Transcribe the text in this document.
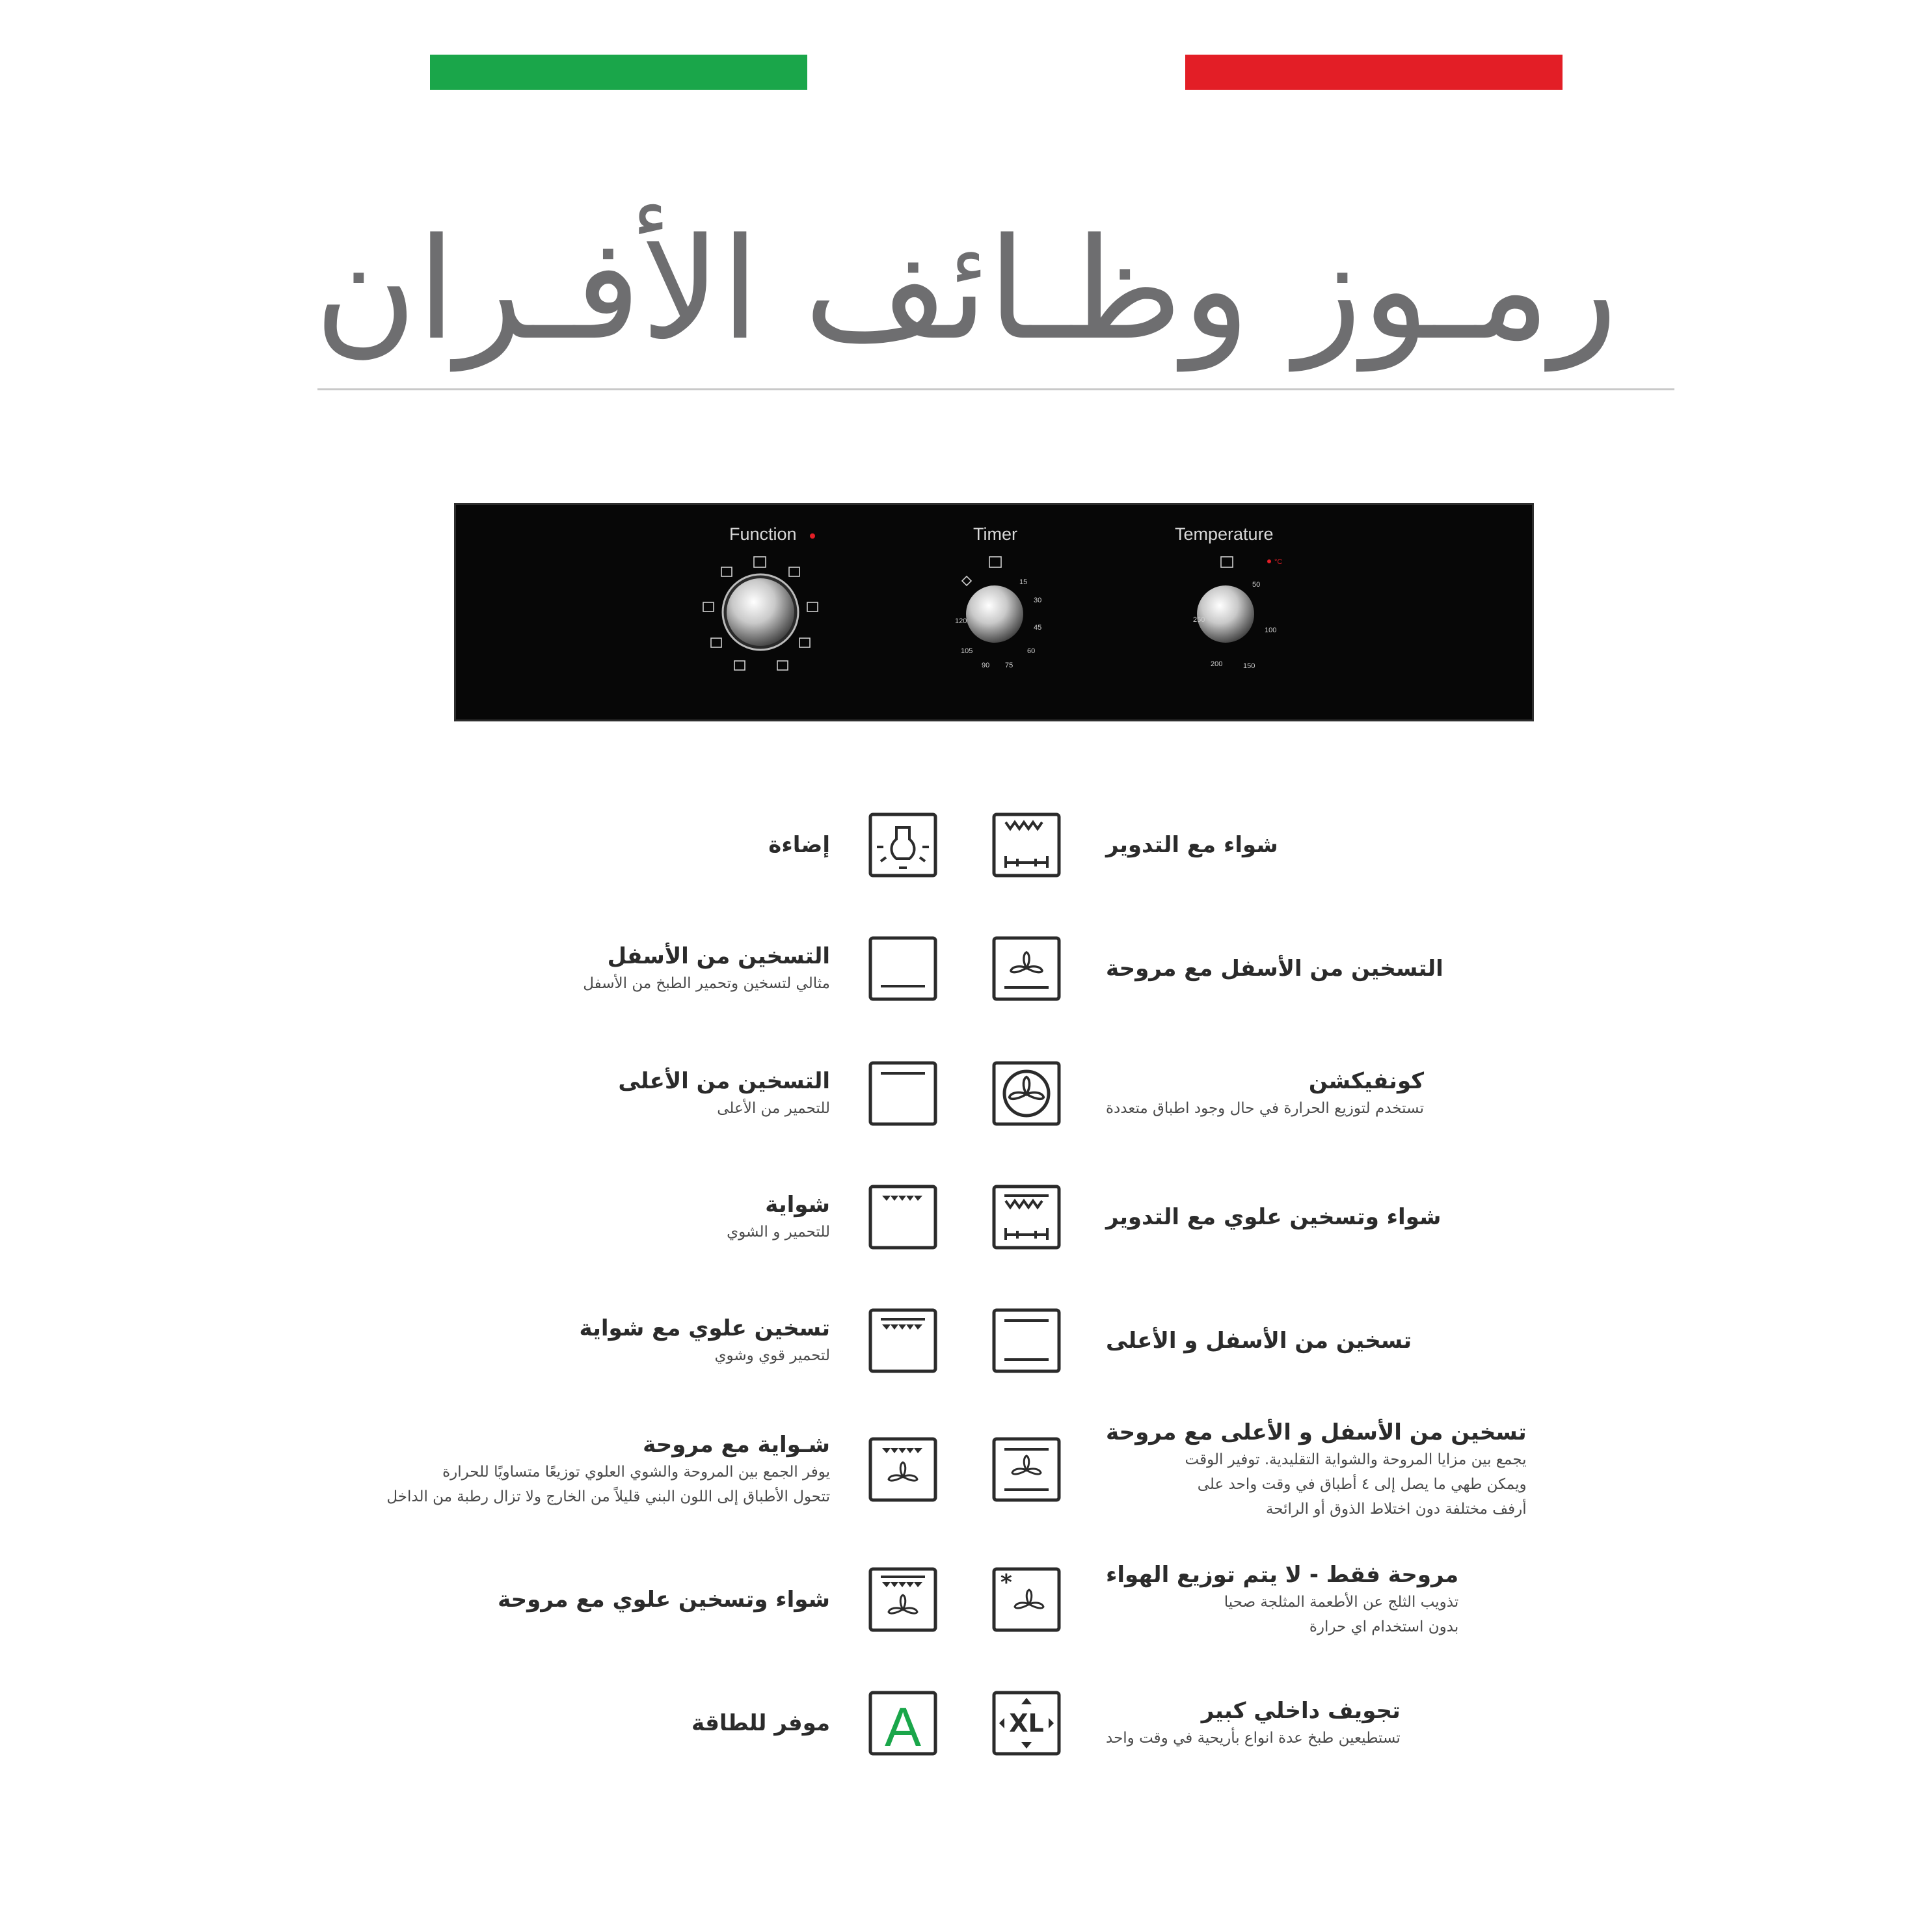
رمـوز وظـائف الأفـران
Function	Timer	Temperature
°C
15
30
45
60
75
90
105
120
50
100
150
200
250
شواء مع التدوير
التسخين من الأسفل مع مروحة
كونفيكشن
تستخدم لتوزيع الحرارة في حال وجود اطباق متعددة
شواء وتسخين علوي مع التدوير
تسخين من الأسفل و الأعلى
تسخين من الأسفل و الأعلى مع مروحة
يجمع بين مزايا المروحة والشواية التقليدية. توفير الوقت
ويمكن طهي ما يصل إلى ٤ أطباق في وقت واحد على
أرفف مختلفة دون اختلاط الذوق أو الرائحة
*	مروحة فقط - لا يتم توزيع الهواء
تذويب الثلج عن الأطعمة المثلجة صحيا
بدون استخدام اي حرارة
XL	تجويف داخلي كبير
تستطيعين طبخ عدة انواع بأريحية في وقت واحد
إضاءة
التسخين من الأسفل
مثالي لتسخين وتحمير الطبخ من الأسفل
التسخين من الأعلى
للتحمير من الأعلى
شواية
للتحمير و الشوي
تسخين علوي مع شواية
لتحمير قوي وشوي
شـواية مع مروحة
يوفر الجمع بين المروحة والشوي العلوي توزيعًا متساويًا للحرارة
تتحول الأطباق إلى اللون البني قليلاً من الخارج ولا تزال رطبة من الداخل
شواء وتسخين علوي مع مروحة
A
موفر للطاقة
